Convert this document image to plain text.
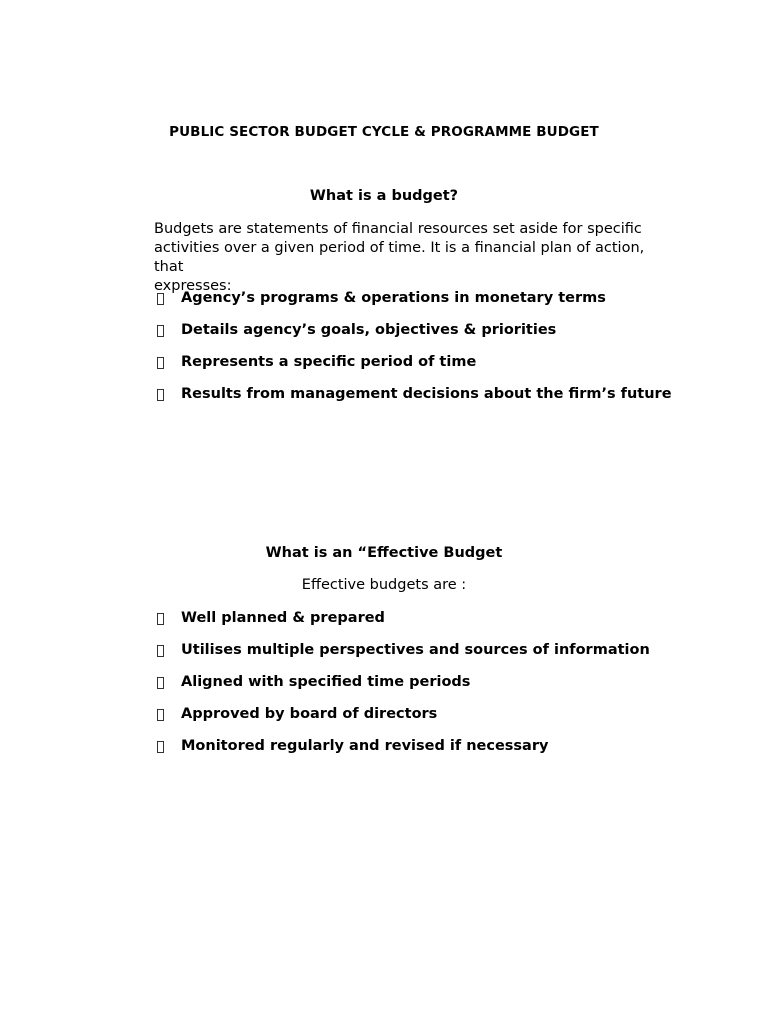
PUBLIC SECTOR BUDGET CYCLE & PROGRAMME BUDGET
What is a budget?
Budgets are statements of financial resources set aside for specific
activities over a given period of time. It is a financial plan of action, that
expresses:
Agency’s programs & operations in monetary terms
Details agency’s goals, objectives & priorities
Represents a specific period of time
Results from management decisions about the firm’s future
What is an “Effective Budget
Effective budgets are :
Well planned & prepared
Utilises multiple perspectives and sources of information
Aligned with specified time periods
Approved by board of directors
Monitored regularly and revised if necessary
